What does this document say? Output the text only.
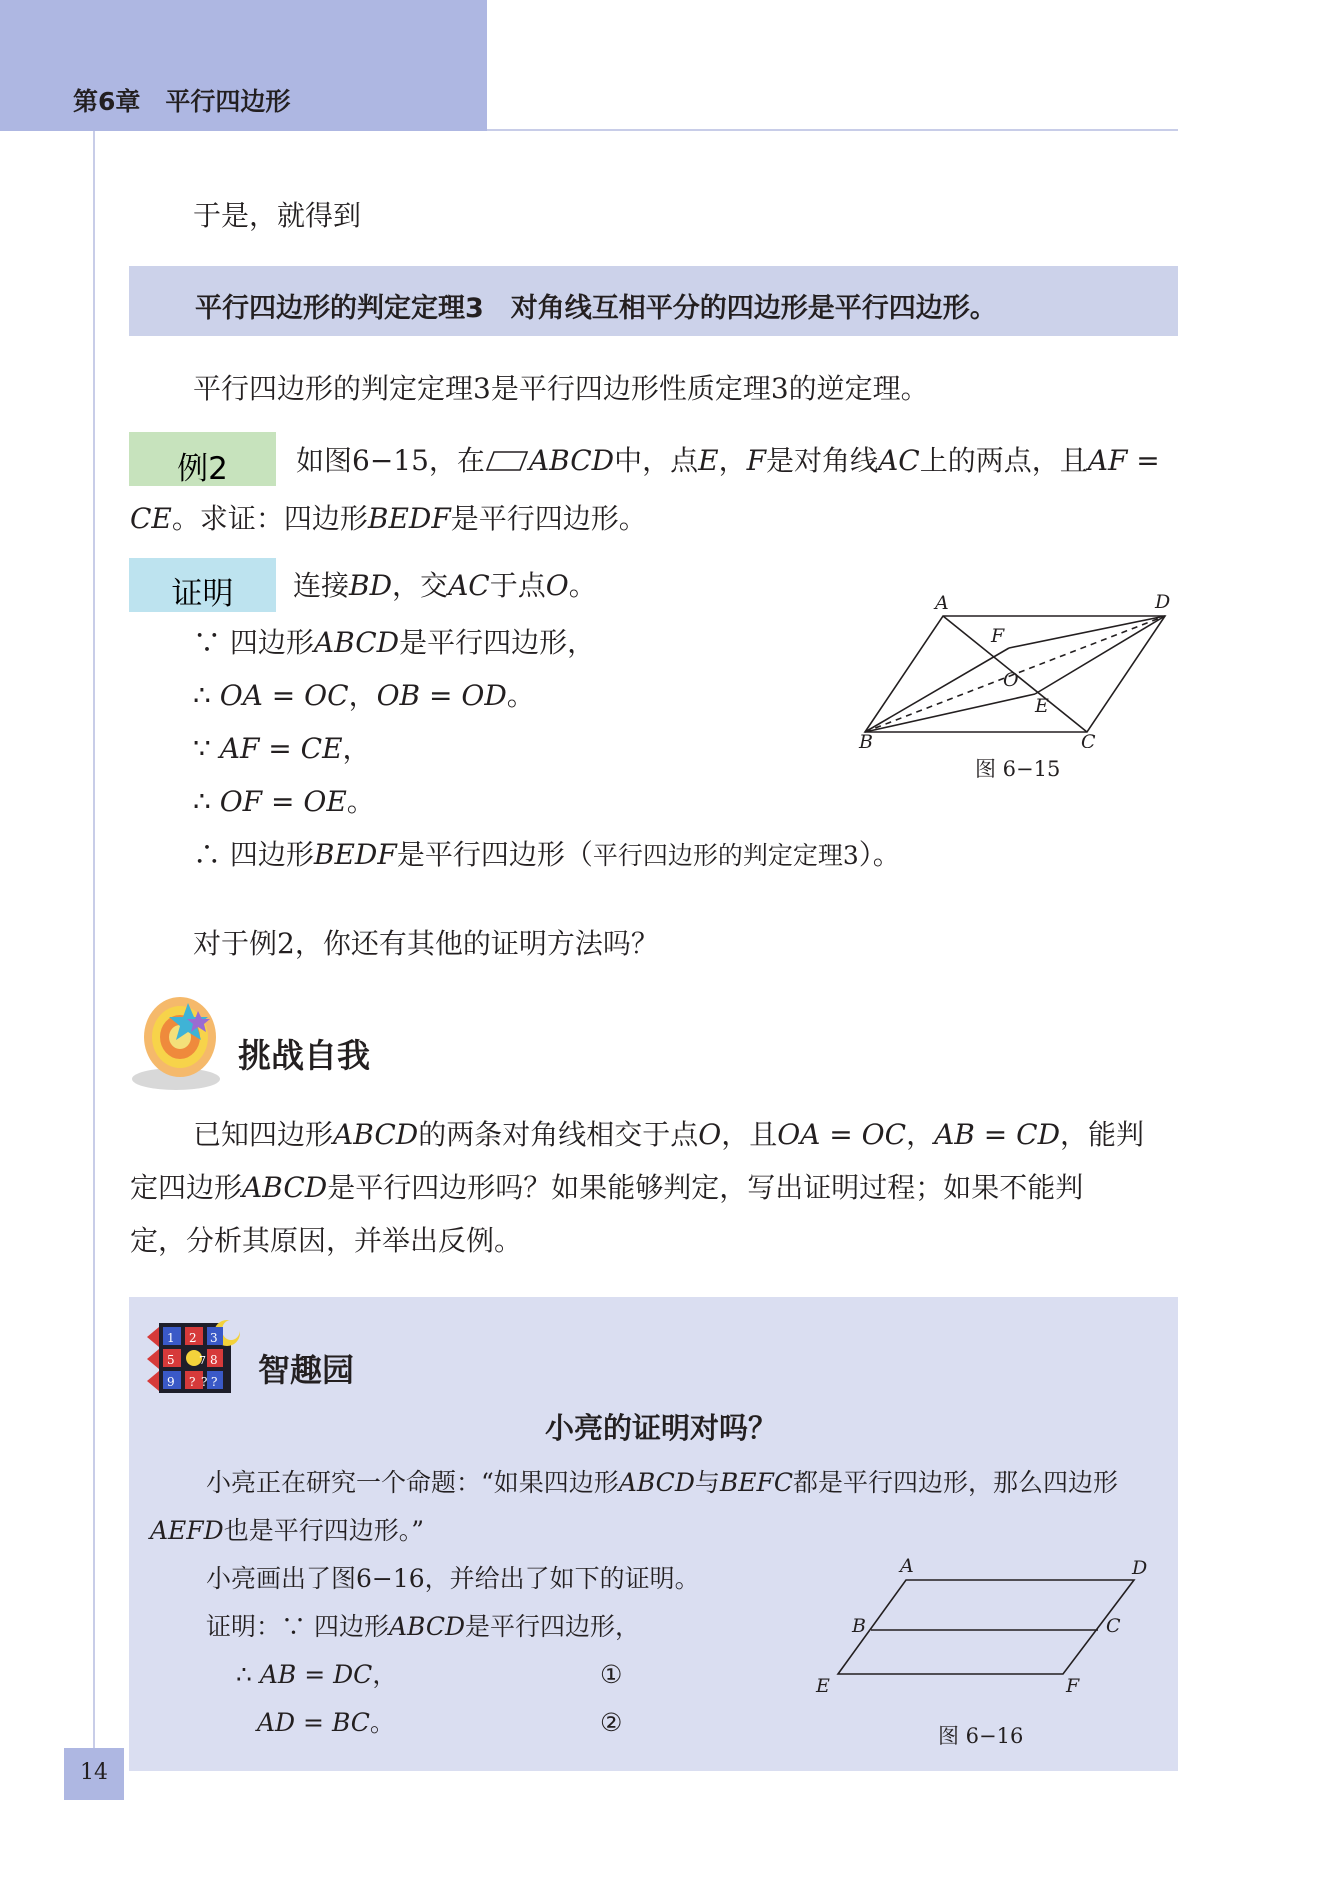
第6章　平行四边形
于是，就得到
平行四边形的判定定理3　对角线互相平分的四边形是平行四边形。
平行四边形的判定定理3是平行四边形性质定理3的逆定理。
例2	如图6−15，在 ABCD中，点E，F是对角线AC上的两点，且AF =
CE。求证：四边形BEDF是平行四边形。
证明	连接BD，交AC于点O。
∵ 四边形ABCD是平行四边形，
∴ OA = OC，OB = OD。
∵ AF = CE，
∴ OF = OE。
∴ 四边形BEDF是平行四边形（平行四边形的判定定理3）。
A	D
B	C
F
O
E
图 6−15
对于例2，你还有其他的证明方法吗？
挑战自我
已知四边形ABCD的两条对角线相交于点O，且OA = OC，AB = CD，能判
定四边形ABCD是平行四边形吗？如果能够判定，写出证明过程；如果不能判
定，分析其原因，并举出反例。
1 2 3
5 7 8
9 ? ? ? 智趣园
小亮的证明对吗？
小亮正在研究一个命题：“如果四边形ABCD与BEFC都是平行四边形，那么四边形
AEFD也是平行四边形。”
小亮画出了图6−16，并给出了如下的证明。
证明：∵ 四边形ABCD是平行四边形，
∴ AB = DC，	①
AD = BC。	②
A	D
B	C
E	F
图 6−16
14
